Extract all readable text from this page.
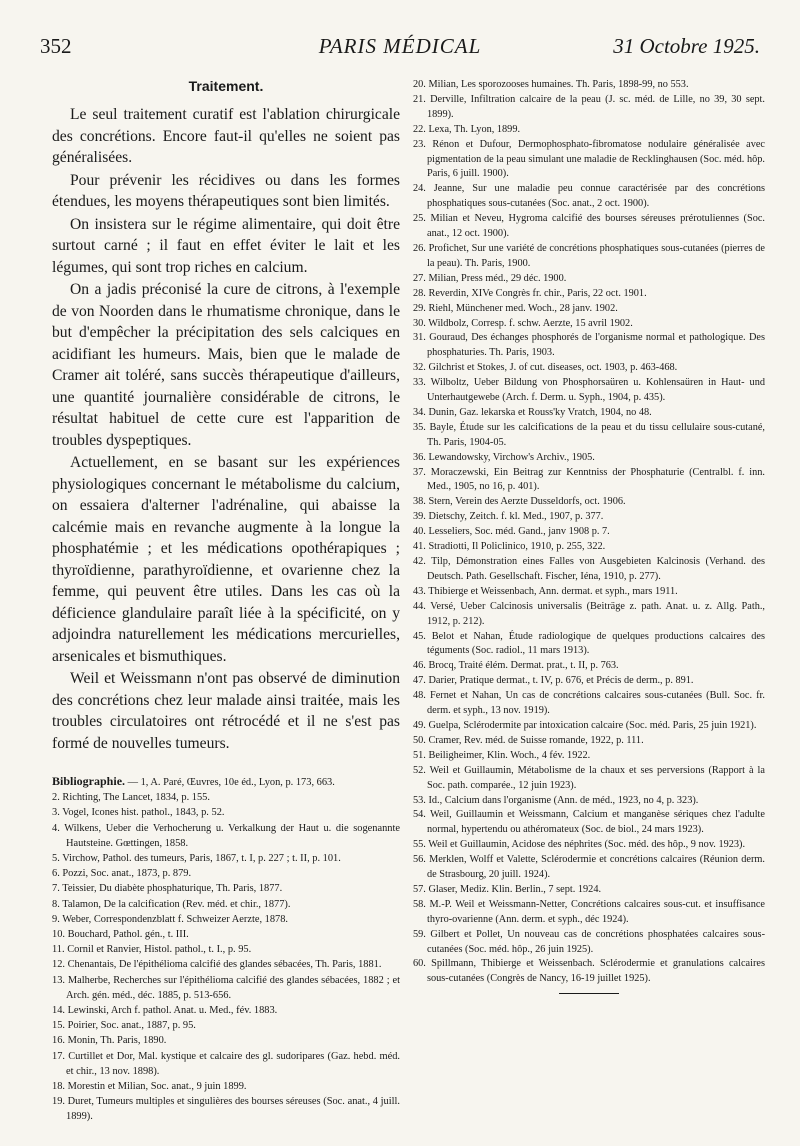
352	PARIS MÉDICAL	31 Octobre 1925.
Traitement.

Le seul traitement curatif est l'ablation chirurgicale des concrétions. Encore faut-il qu'elles ne soient pas généralisées.

Pour prévenir les récidives ou dans les formes étendues, les moyens thérapeutiques sont bien limités.

On insistera sur le régime alimentaire, qui doit être surtout carné ; il faut en effet éviter le lait et les légumes, qui sont trop riches en calcium.

On a jadis préconisé la cure de citrons, à l'exemple de von Noorden dans le rhumatisme chronique, dans le but d'empêcher la précipitation des sels calciques en acidifiant les humeurs. Mais, bien que le malade de Cramer ait toléré, sans succès thérapeutique d'ailleurs, une quantité journalière considérable de citrons, le résultat habituel de cette cure est l'apparition de troubles dyspeptiques.

Actuellement, en se basant sur les expériences physiologiques concernant le métabolisme du calcium, on essaiera d'alterner l'adrénaline, qui abaisse la calcémie mais en revanche augmente à la longue la phosphatémie ; et les médications opothérapiques ; thyroïdienne, parathyroïdienne, et ovarienne chez la femme, qui peuvent être utiles. Dans les cas où la déficience glandulaire paraît liée à la spécificité, on y adjoindra naturellement les médications mercurielles, arsenicales et bismuthiques.

Weil et Weissmann n'ont pas observé de diminution des concrétions chez leur malade ainsi traitée, mais les troubles circulatoires ont rétrocédé et il ne s'est pas formé de nouvelles tumeurs.

Bibliographie. — 1, A. Paré, Œuvres, 10e éd., Lyon, p. 173, 663.

2. Richting, The Lancet, 1834, p. 155.

3. Vogel, Icones hist. pathol., 1843, p. 52.

4. Wilkens, Ueber die Verhocherung u. Verkalkung der Haut u. die sogenannte Hautsteine. Gœttingen, 1858.

5. Virchow, Pathol. des tumeurs, Paris, 1867, t. I, p. 227 ; t. II, p. 101.

6. Pozzi, Soc. anat., 1873, p. 879.

7. Teissier, Du diabète phosphaturique, Th. Paris, 1877.

8. Talamon, De la calcification (Rev. méd. et chir., 1877).

9. Weber, Correspondenzblatt f. Schweizer Aerzte, 1878.

10. Bouchard, Pathol. gén., t. III.

11. Cornil et Ranvier, Histol. pathol., t. I., p. 95.

12. Chenantais, De l'épithélioma calcifié des glandes sébacées, Th. Paris, 1881.

13. Malherbe, Recherches sur l'épithélioma calcifié des glandes sébacées, 1882 ; et Arch. gén. méd., déc. 1885, p. 513-656.

14. Lewinski, Arch f. pathol. Anat. u. Med., fév. 1883.

15. Poirier, Soc. anat., 1887, p. 95.

16. Monin, Th. Paris, 1890.

17. Curtillet et Dor, Mal. kystique et calcaire des gl. sudoripares (Gaz. hebd. méd. et chir., 13 nov. 1898).

18. Morestin et Milian, Soc. anat., 9 juin 1899.

19. Duret, Tumeurs multiples et singulières des bourses séreuses (Soc. anat., 4 juill. 1899).

20. Milian, Les sporozooses humaines. Th. Paris, 1898-99, no 553.

21. Derville, Infiltration calcaire de la peau (J. sc. méd. de Lille, no 39, 30 sept. 1899).

22. Lexa, Th. Lyon, 1899.

23. Rénon et Dufour, Dermophosphato-fibromatose nodulaire généralisée avec pigmentation de la peau simulant une maladie de Recklinghausen (Soc. méd. hôp. Paris, 6 juill. 1900).

24. Jeanne, Sur une maladie peu connue caractérisée par des concrétions phosphatiques sous-cutanées (Soc. anat., 2 oct. 1900).

25. Milian et Neveu, Hygroma calcifié des bourses séreuses prérotuliennes (Soc. anat., 12 oct. 1900).

26. Profichet, Sur une variété de concrétions phosphatiques sous-cutanées (pierres de la peau). Th. Paris, 1900.

27. Milian, Press méd., 29 déc. 1900.

28. Reverdin, XIVe Congrès fr. chir., Paris, 22 oct. 1901.

29. Riehl, Münchener med. Woch., 28 janv. 1902.

30. Wildbolz, Corresp. f. schw. Aerzte, 15 avril 1902.

31. Gouraud, Des échanges phosphorés de l'organisme normal et pathologique. Des phosphaturies. Th. Paris, 1903.

32. Gilchrist et Stokes, J. of cut. diseases, oct. 1903, p. 463-468.

33. Wilboltz, Ueber Bildung von Phosphorsaüren u. Kohlensaüren in Haut- und Unterhautgewebe (Arch. f. Derm. u. Syph., 1904, p. 435).

34. Dunin, Gaz. lekarska et Rouss'ky Vratch, 1904, no 48.

35. Bayle, Étude sur les calcifications de la peau et du tissu cellulaire sous-cutané, Th. Paris, 1904-05.

36. Lewandowsky, Virchow's Archiv., 1905.

37. Moraczewski, Ein Beitrag zur Kenntniss der Phosphaturie (Centralbl. f. inn. Med., 1905, no 16, p. 401).

38. Stern, Verein des Aerzte Dusseldorfs, oct. 1906.

39. Dietschy, Zeitch. f. kl. Med., 1907, p. 377.

40. Lesseliers, Soc. méd. Gand., janv 1908 p. 7.

41. Stradiotti, Il Policlinico, 1910, p. 255, 322.

42. Tilp, Démonstration eines Falles von Ausgebieten Kalcinosis (Verhand. des Deutsch. Path. Gesellschaft. Fischer, Iéna, 1910, p. 277).

43. Thibierge et Weissenbach, Ann. dermat. et syph., mars 1911.

44. Versé, Ueber Calcinosis universalis (Beiträge z. path. Anat. u. z. Allg. Path., 1912, p. 212).

45. Belot et Nahan, Étude radiologique de quelques productions calcaires des téguments (Soc. radiol., 11 mars 1913).

46. Brocq, Traité élém. Dermat. prat., t. II, p. 763.

47. Darier, Pratique dermat., t. IV, p. 676, et Précis de derm., p. 891.

48. Fernet et Nahan, Un cas de concrétions calcaires sous-cutanées (Bull. Soc. fr. derm. et syph., 13 nov. 1919).

49. Guelpa, Sclérodermite par intoxication calcaire (Soc. méd. Paris, 25 juin 1921).

50. Cramer, Rev. méd. de Suisse romande, 1922, p. 111.

51. Beiligheimer, Klin. Woch., 4 fév. 1922.

52. Weil et Guillaumin, Métabolisme de la chaux et ses perversions (Rapport à la Soc. path. comparée., 12 juin 1923).

53. Id., Calcium dans l'organisme (Ann. de méd., 1923, no 4, p. 323).

54. Weil, Guillaumin et Weissmann, Calcium et manganèse sériques chez l'adulte normal, hypertendu ou athéromateux (Soc. de biol., 24 mars 1923).

55. Weil et Guillaumin, Acidose des néphrites (Soc. méd. des hôp., 9 nov. 1923).

56. Merklen, Wolff et Valette, Sclérodermie et concrétions calcaires (Réunion derm. de Strasbourg, 20 juill. 1924).

57. Glaser, Mediz. Klin. Berlin., 7 sept. 1924.

58. M.-P. Weil et Weissmann-Netter, Concrétions calcaires sous-cut. et insuffisance thyro-ovarienne (Ann. derm. et syph., déc 1924).

59. Gilbert et Pollet, Un nouveau cas de concrétions phosphatées calcaires sous-cutanées (Soc. méd. hôp., 26 juin 1925).

60. Spillmann, Thibierge et Weissenbach. Sclérodermie et granulations calcaires sous-cutanées (Congrès de Nancy, 16-19 juillet 1925).
